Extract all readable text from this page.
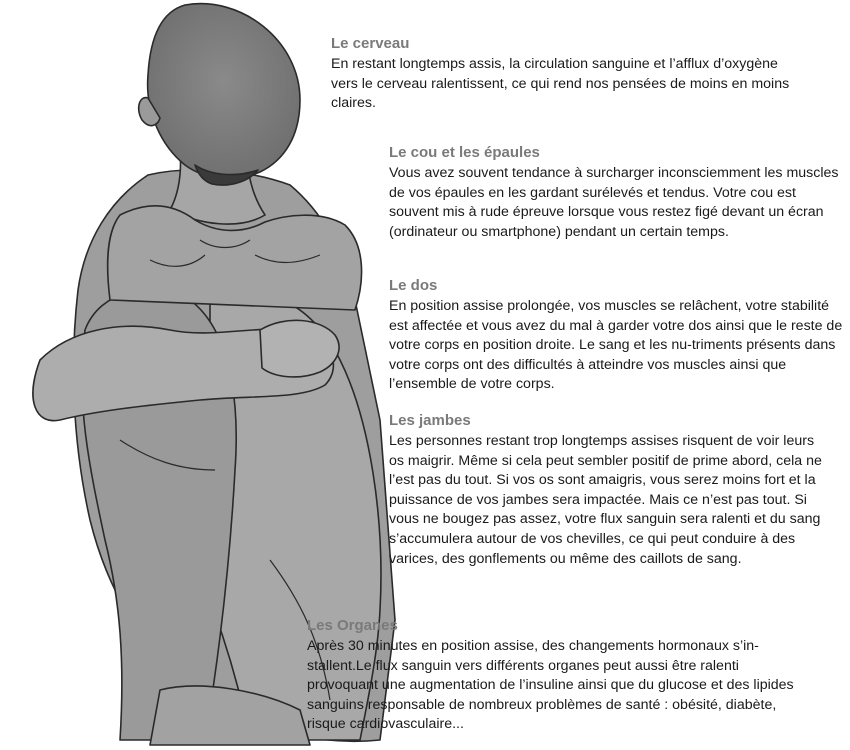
Le cerveau

En restant longtemps assis, la circulation sanguine et l’afflux d’oxygène vers le cerveau ralentissent, ce qui rend nos pensées de moins en moins claires.

Le cou et les épaules

Vous avez souvent tendance à surcharger inconsciemment les muscles de vos épaules en les gardant surélevés et tendus. Votre cou est souvent mis à rude épreuve lorsque vous restez figé devant un écran (ordinateur ou smartphone) pendant un certain temps.

Le dos

En position assise prolongée, vos muscles se relâchent, votre stabilité est affectée et vous avez du mal à garder votre dos ainsi que le reste de votre corps en position droite. Le sang et les nu-triments présents dans votre corps ont des difficultés à atteindre vos muscles ainsi que l’ensemble de votre corps.

Les jambes

Les personnes restant trop longtemps assises risquent de voir leurs os maigrir. Même si cela peut sembler positif de prime abord, cela ne l’est pas du tout. Si vos os sont amaigris, vous serez moins fort et la puissance de vos jambes sera impactée. Mais ce n’est pas tout. Si vous ne bougez pas assez, votre flux sanguin sera ralenti et du sang s’accumulera autour de vos chevilles, ce qui peut conduire à des varices, des gonflements ou même des caillots de sang.

Les Organes

Après 30 minutes en position assise, des changements hormonaux s’in-stallent.Le flux sanguin vers différents organes peut aussi être ralenti provoquant une augmentation de l’insuline ainsi que du glucose et des lipides sanguins responsable de nombreux problèmes de santé : obésité, diabète, risque cardiovasculaire...
